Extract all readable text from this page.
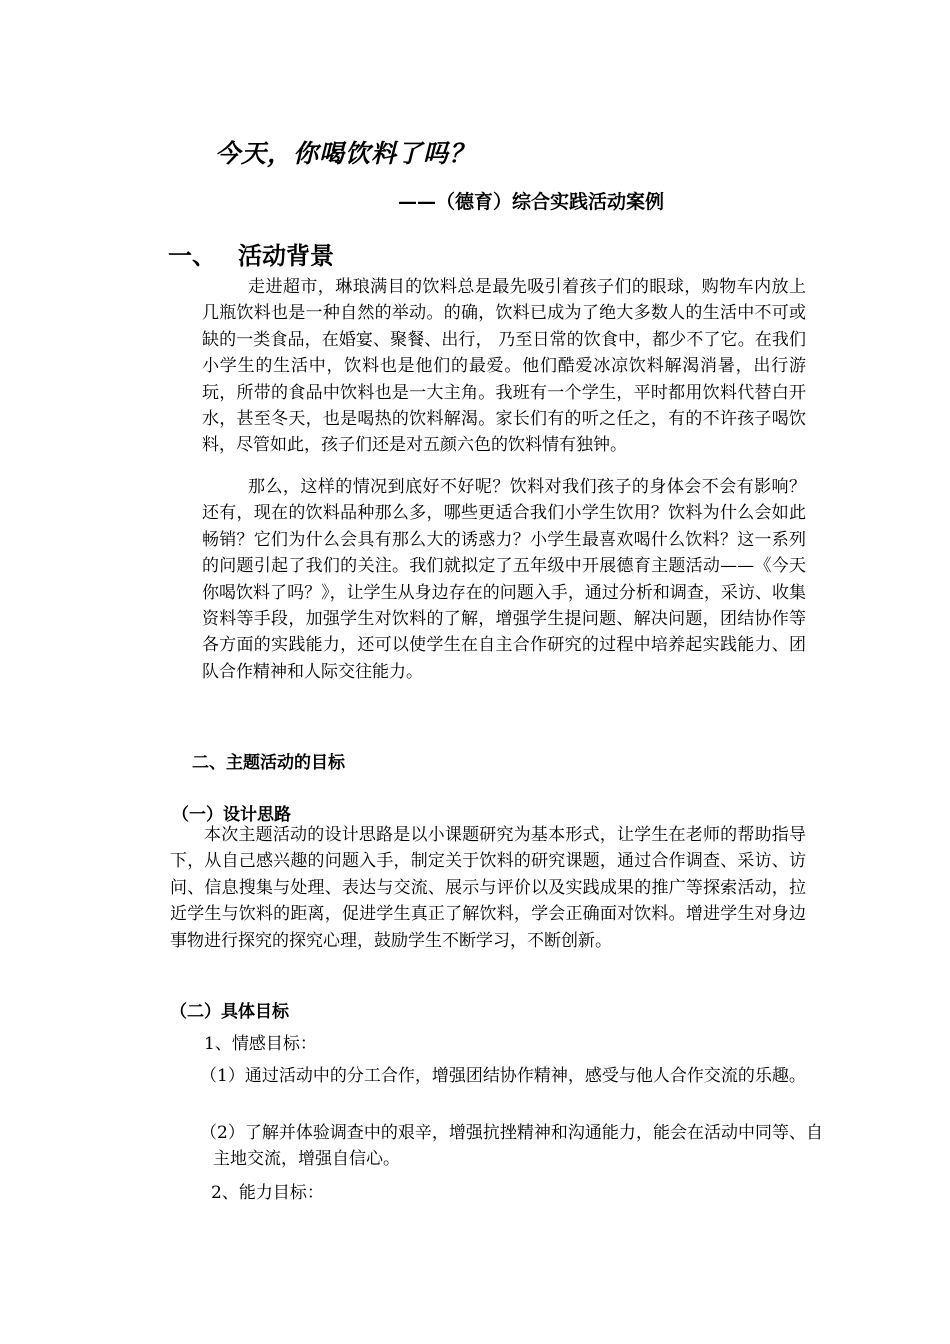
今天，你喝饮料了吗？
——（德育）综合实践活动案例
一、 活动背景
走进超市，琳琅满目的饮料总是最先吸引着孩子们的眼球，购物车内放上几瓶饮料也是一种自然的举动。的确，饮料已成为了绝大多数人的生活中不可或缺的一类食品，在婚宴、聚餐、出行， 乃至日常的饮食中，都少不了它。在我们小学生的生活中，饮料也是他们的最爱。他们酷爱冰凉饮料解渴消暑，出行游玩，所带的食品中饮料也是一大主角。我班有一个学生，平时都用饮料代替白开水，甚至冬天，也是喝热的饮料解渴。家长们有的听之任之，有的不许孩子喝饮料，尽管如此，孩子们还是对五颜六色的饮料情有独钟。
那么，这样的情况到底好不好呢？饮料对我们孩子的身体会不会有影响？还有，现在的饮料品种那么多，哪些更适合我们小学生饮用？饮料为什么会如此畅销？它们为什么会具有那么大的诱惑力？小学生最喜欢喝什么饮料？这一系列的问题引起了我们的关注。我们就拟定了五年级中开展德育主题活动——《今天你喝饮料了吗？》，让学生从身边存在的问题入手，通过分析和调查，采访、收集资料等手段，加强学生对饮料的了解，增强学生提问题、解决问题，团结协作等各方面的实践能力，还可以使学生在自主合作研究的过程中培养起实践能力、团队合作精神和人际交往能力。
二、主题活动的目标
（一）设计思路
本次主题活动的设计思路是以小课题研究为基本形式，让学生在老师的帮助指导下，从自己感兴趣的问题入手，制定关于饮料的研究课题，通过合作调查、采访、访问、信息搜集与处理、表达与交流、展示与评价以及实践成果的推广等探索活动，拉近学生与饮料的距离，促进学生真正了解饮料，学会正确面对饮料。增进学生对身边事物进行探究的探究心理，鼓励学生不断学习，不断创新。
（二）具体目标
1、情感目标：
（1）通过活动中的分工合作，增强团结协作精神，感受与他人合作交流的乐趣。
（2）了解并体验调查中的艰辛，增强抗挫精神和沟通能力，能会在活动中同等、自主地交流，增强自信心。
2、能力目标：
